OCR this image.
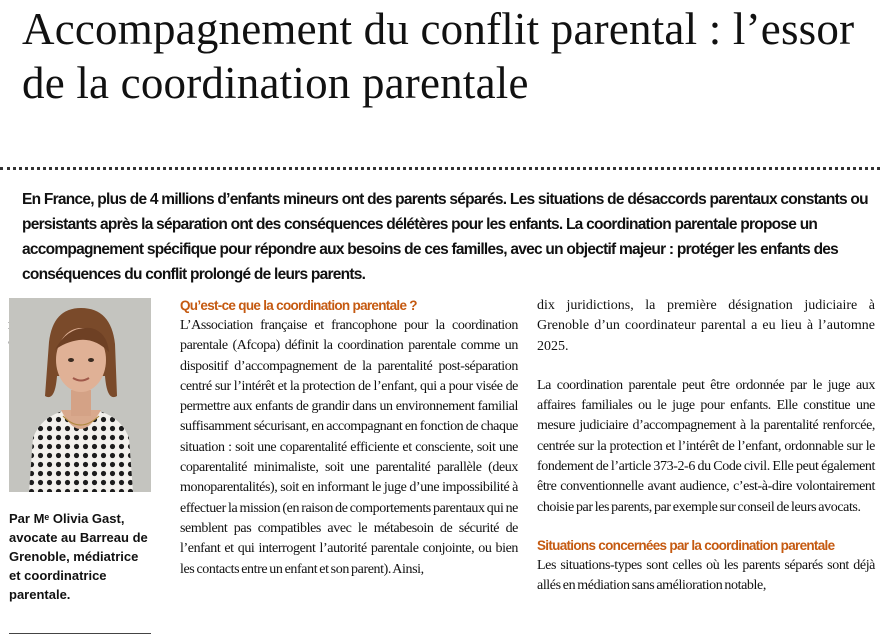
Accompagnement du conflit parental : l’essor de la coordination parentale

En France, plus de 4 millions d’enfants mineurs ont des parents séparés. Les situations de désaccords parentaux constants ou persistants après la séparation ont des conséquences délétères pour les enfants. La coordination parentale propose un accompagnement spécifique pour répondre aux besoins de ces familles, avec un objectif majeur : protéger les enfants des conséquences du conflit prolongé de leurs parents.

Par Mᵉ Olivia Gast, avocate au Barreau de Grenoble, médiatrice et coordinatrice parentale.

Qu’est-ce que la coordination parentale ?

L’Association française et francophone pour la coordination parentale (Afcopa) définit la coordination parentale comme un dispositif d’accompagnement de la parentalité post-séparation centré sur l’intérêt et la protection de l’enfant, qui a pour visée de permettre aux enfants de grandir dans un environnement familial suffisamment sécurisant, en accompagnant en fonction de chaque situation : soit une coparentalité efficiente et consciente, soit une coparentalité minimaliste, soit une parentalité parallèle (deux monoparentalités), soit en informant le juge d’une impossibilité à effectuer la mission (en raison de comportements parentaux qui ne semblent pas compatibles avec le métabesoin de sécurité de l’enfant et qui interrogent l’autorité parentale conjointe, ou bien les contacts entre un enfant et son parent). Ainsi,

dix juridictions, la première désignation judiciaire à Grenoble d’un coordinateur parental a eu lieu à l’automne 2025.

La coordination parentale peut être ordonnée par le juge aux affaires familiales ou le juge pour enfants. Elle constitue une mesure judiciaire d’accompagnement à la parentalité renforcée, centrée sur la protection et l’intérêt de l’enfant, ordonnable sur le fondement de l’article 373-2-6 du Code civil. Elle peut également être conventionnelle avant audience, c’est-à-dire volontairement choisie par les parents, par exemple sur conseil de leurs avocats.

Situations concernées par la coordination parentale

Les situations-types sont celles où les parents séparés sont déjà allés en médiation sans amélioration notable,
